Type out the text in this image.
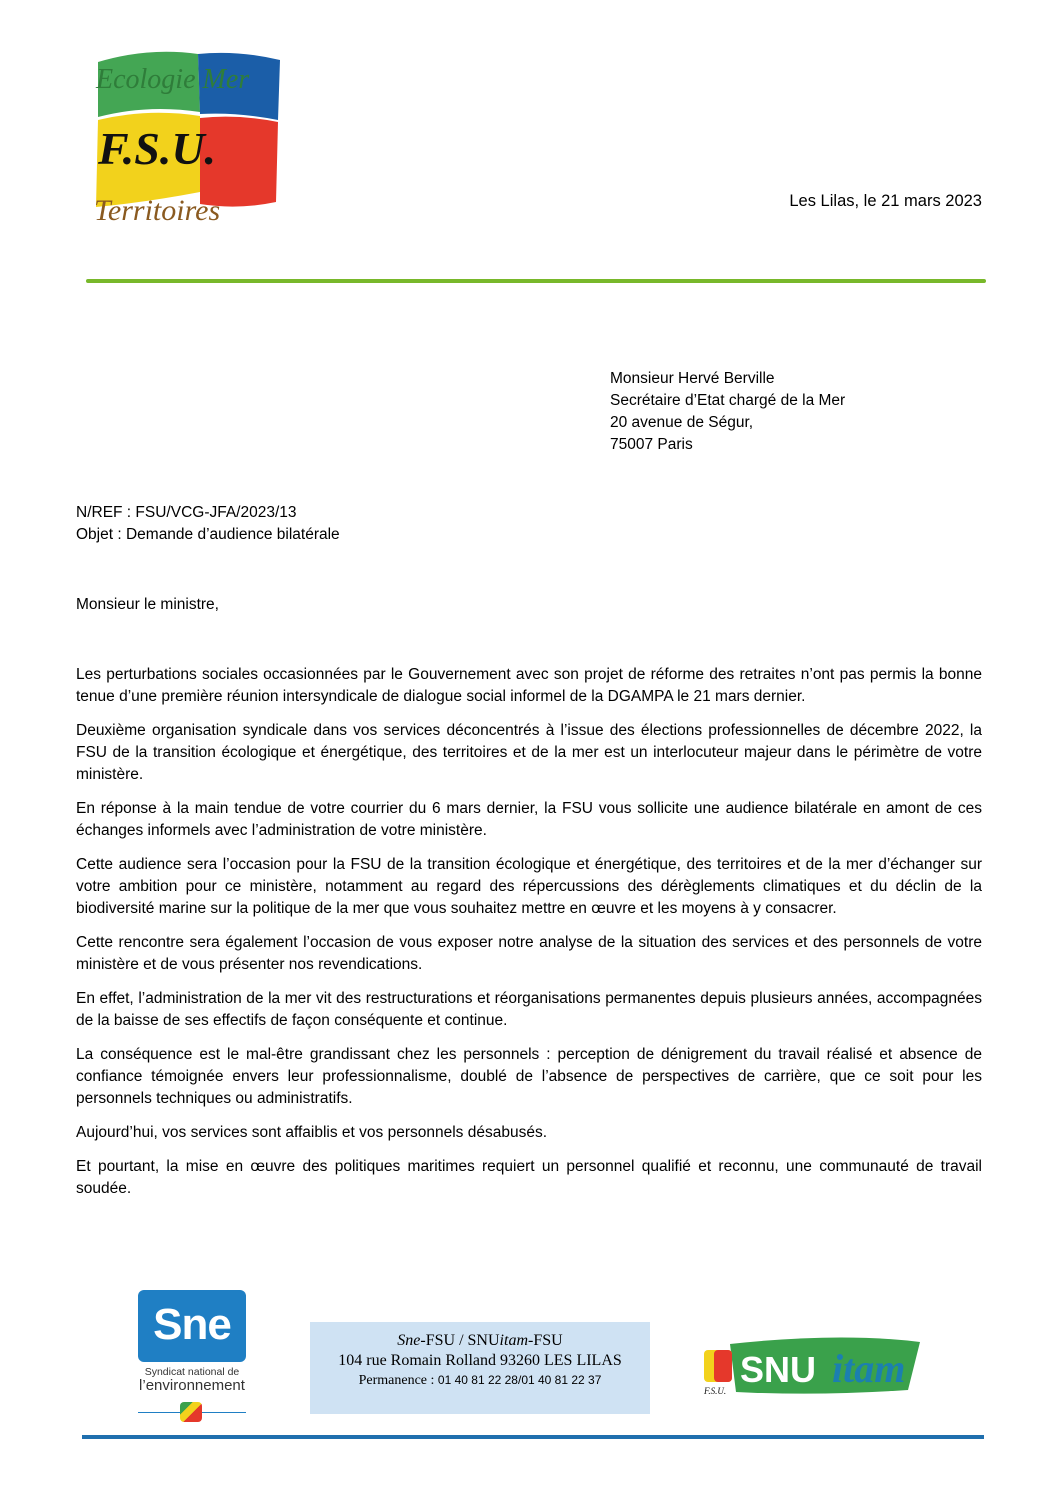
Ecologie Mer
F.S.U.
Territoires	Les Lilas, le 21 mars 2023
Monsieur Hervé Berville
Secrétaire d’Etat chargé de la Mer
20 avenue de Ségur,
75007 Paris
N/REF : FSU/VCG-JFA/2023/13
Objet : Demande d’audience bilatérale
Monsieur le ministre,

Les perturbations sociales occasionnées par le Gouvernement avec son projet de réforme des retraites n’ont pas permis la bonne tenue d’une première réunion intersyndicale de dialogue social informel de la DGAMPA le 21 mars dernier.

Deuxième organisation syndicale dans vos services déconcentrés à l’issue des élections professionnelles de décembre 2022, la FSU de la transition écologique et énergétique, des territoires et de la mer est un interlocuteur majeur dans le périmètre de votre ministère.

En réponse à la main tendue de votre courrier du 6 mars dernier, la FSU vous sollicite une audience bilatérale en amont de ces échanges informels avec l’administration de votre ministère.

Cette audience sera l’occasion pour la FSU de la transition écologique et énergétique, des territoires et de la mer d’échanger sur votre ambition pour ce ministère, notamment au regard des répercussions des dérèglements climatiques et du déclin de la biodiversité marine sur la politique de la mer que vous souhaitez mettre en œuvre et les moyens à y consacrer.

Cette rencontre sera également l’occasion de vous exposer notre analyse de la situation des services et des personnels de votre ministère et de vous présenter nos revendications.

En effet, l’administration de la mer vit des restructurations et réorganisations permanentes depuis plusieurs années, accompagnées de la baisse de ses effectifs de façon conséquente et continue.

La conséquence est le mal-être grandissant chez les personnels : perception de dénigrement du travail réalisé et absence de confiance témoignée envers leur professionnalisme, doublé de l’absence de perspectives de carrière, que ce soit pour les personnels techniques ou administratifs.

Aujourd’hui, vos services sont affaiblis et vos personnels désabusés.

Et pourtant, la mise en œuvre des politiques maritimes requiert un personnel qualifié et reconnu, une communauté de travail soudée.

Sne
Syndicat national de
l’environnement
Sne-FSU / SNUitam-FSU
104 rue Romain Rolland 93260 LES LILAS
Permanence : 01 40 81 22 28/01 40 81 22 37
F.S.U.
SNU itam
